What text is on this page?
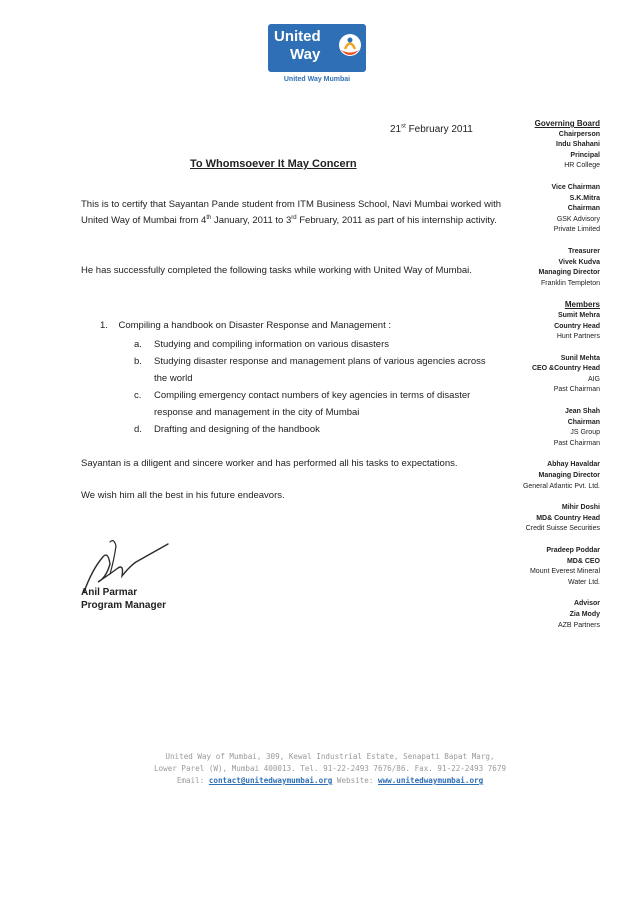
United
Way
United Way Mumbai
21st February 2011
To Whomsoever It May Concern
This is to certify that Sayantan Pande student from ITM Business School, Navi Mumbai worked with United Way of Mumbai from 4th January, 2011 to 3rd February, 2011 as part of his internship activity.
He has successfully completed the following tasks while working with United Way of Mumbai.
1. Compiling a handbook on Disaster Response and Management :
a. Studying and compiling information on various disasters
b. Studying disaster response and management plans of various agencies across the world
c. Compiling emergency contact numbers of key agencies in terms of disaster response and management in the city of Mumbai
d. Drafting and designing of the handbook
Sayantan is a diligent and sincere worker and has performed all his tasks to expectations.
We wish him all the best in his future endeavors.
Anil Parmar
Program Manager
Governing Board
Chairperson
Indu Shahani
Principal
HR College
Vice Chairman
S.K.Mitra
Chairman
GSK Advisory
Private Limited
Treasurer
Vivek Kudva
Managing Director
Franklin Templeton
Members
Sumit Mehra
Country Head
Hunt Partners
Sunil Mehta
CEO &Country Head
AIG
Past Chairman
Jean Shah
Chairman
JS Group
Past Chairman
Abhay Havaldar
Managing Director
General Atlantic Pvt. Ltd.
Mihir Doshi
MD& Country Head
Credit Suisse Securities
Pradeep Poddar
MD& CEO
Mount Everest Mineral
Water Ltd.
Advisor
Zia Mody
AZB Partners
United Way of Mumbai, 309, Kewal Industrial Estate, Senapati Bapat Marg,
Lower Parel (W), Mumbai 400013. Tel. 91-22-2493 7676/86. Fax. 91-22-2493 7679
Email: contact@unitedwaymumbai.org Website: www.unitedwaymumbai.org
